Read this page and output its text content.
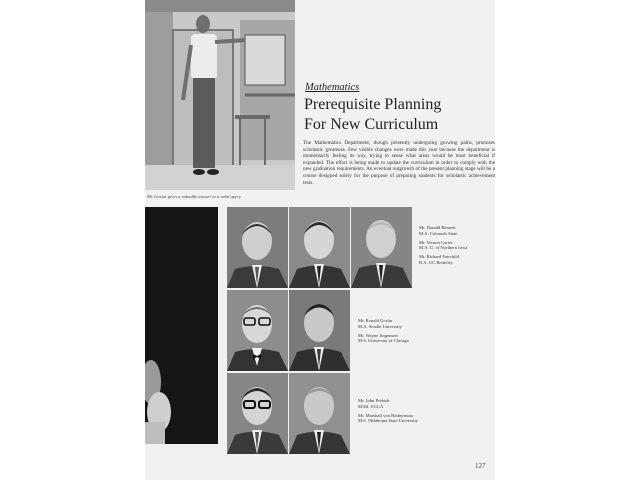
Mr. Goslar gives a valuable answer to a valid query.

Mathematics

Prerequisite Planning
For New Curriculum

The Mathematics Department, though presently undergoing growing pains, promises scholastic greatness. Few visible changes were made this year because the department is momentarily feeling its way, trying to sense what areas would be most beneficial if expanded. The effort is being made to update the curriculum in order to comply with the new graduation requirements. An eventual outgrowth of the present planning stage will be a course designed solely for the purpose of preparing students for scholastic achievement tests.

Mr. Donald Bennett
M.A. Colorado State
Mr. Vernon Carter
M.A. U. of Northern Iowa
Mr. Richard Fairchild
B.A. UC Berkeley
Mr. Ronald Goslar
M.A. Seattle University
Mr. Wayne Jorgensen
M.S. University of Chicago
Mr. John Prebish
M.Ed. UCLA
Mr. Marshall von Rothermina
M.S. Oklahoma State University
127
